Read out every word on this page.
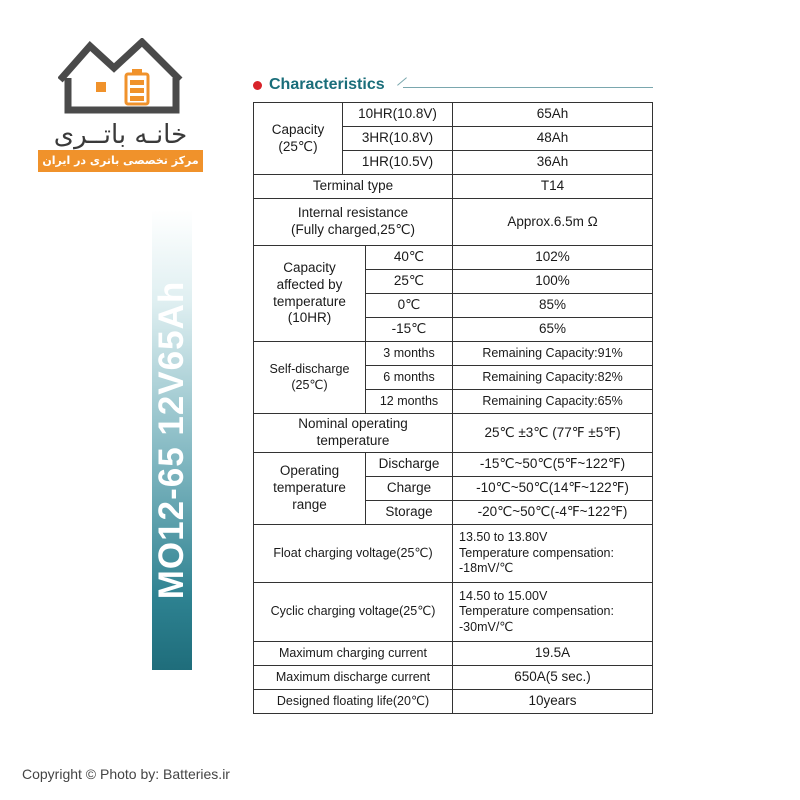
خانـه باتــری
مرکز تخصصی باتری در ایران
MO12-65 12V65Ah
Characteristics
Capacity
(25℃)	10HR(10.8V)		65Ah
	3HR(10.8V)		48Ah
	1HR(10.5V)		36Ah
Terminal type			T14
Internal resistance
(Fully charged,25℃)			Approx.6.5m Ω
Capacity
affected by
temperature
(10HR)		40℃	102%
		25℃	100%
		0℃	85%
		-15℃	65%
Self-discharge
(25℃)		3 months	Remaining Capacity:91%
		6 months	Remaining Capacity:82%
		12 months	Remaining Capacity:65%
Nominal operating
temperature			25℃ ±3℃ (77℉ ±5℉)
Operating
temperature
range		Discharge	-15℃~50℃(5℉~122℉)
		Charge	-10℃~50℃(14℉~122℉)
		Storage	-20℃~50℃(-4℉~122℉)
Float charging voltage(25℃)			13.50 to 13.80V
Temperature compensation:
-18mV/℃
Cyclic charging voltage(25℃)			14.50 to 15.00V
Temperature compensation:
-30mV/℃
Maximum charging current			19.5A
Maximum discharge current			650A(5 sec.)
Designed floating life(20℃)			10years
Copyright © Photo by: Batteries.ir
